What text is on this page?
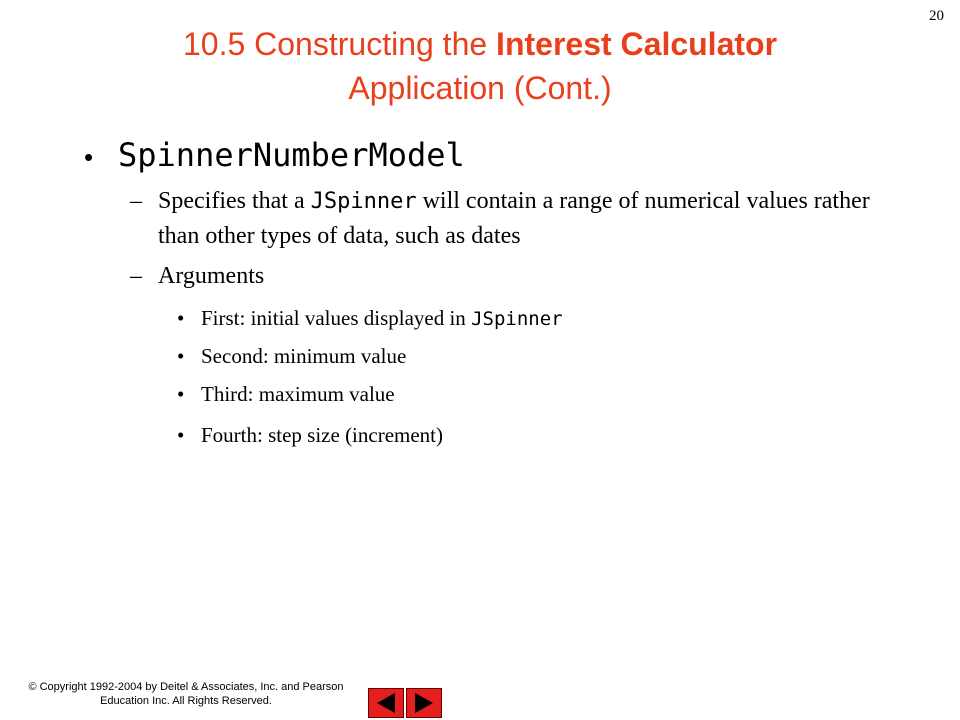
20
10.5 Constructing the Interest Calculator
Application (Cont.)
• SpinnerNumberModel
– Specifies that a JSpinner will contain a range of numerical values rather than other types of data, such as dates
– Arguments
• First: initial values displayed in JSpinner
• Second: minimum value
• Third: maximum value
• Fourth: step size (increment)
© Copyright 1992-2004 by Deitel & Associates, Inc. and Pearson
Education Inc. All Rights Reserved.
